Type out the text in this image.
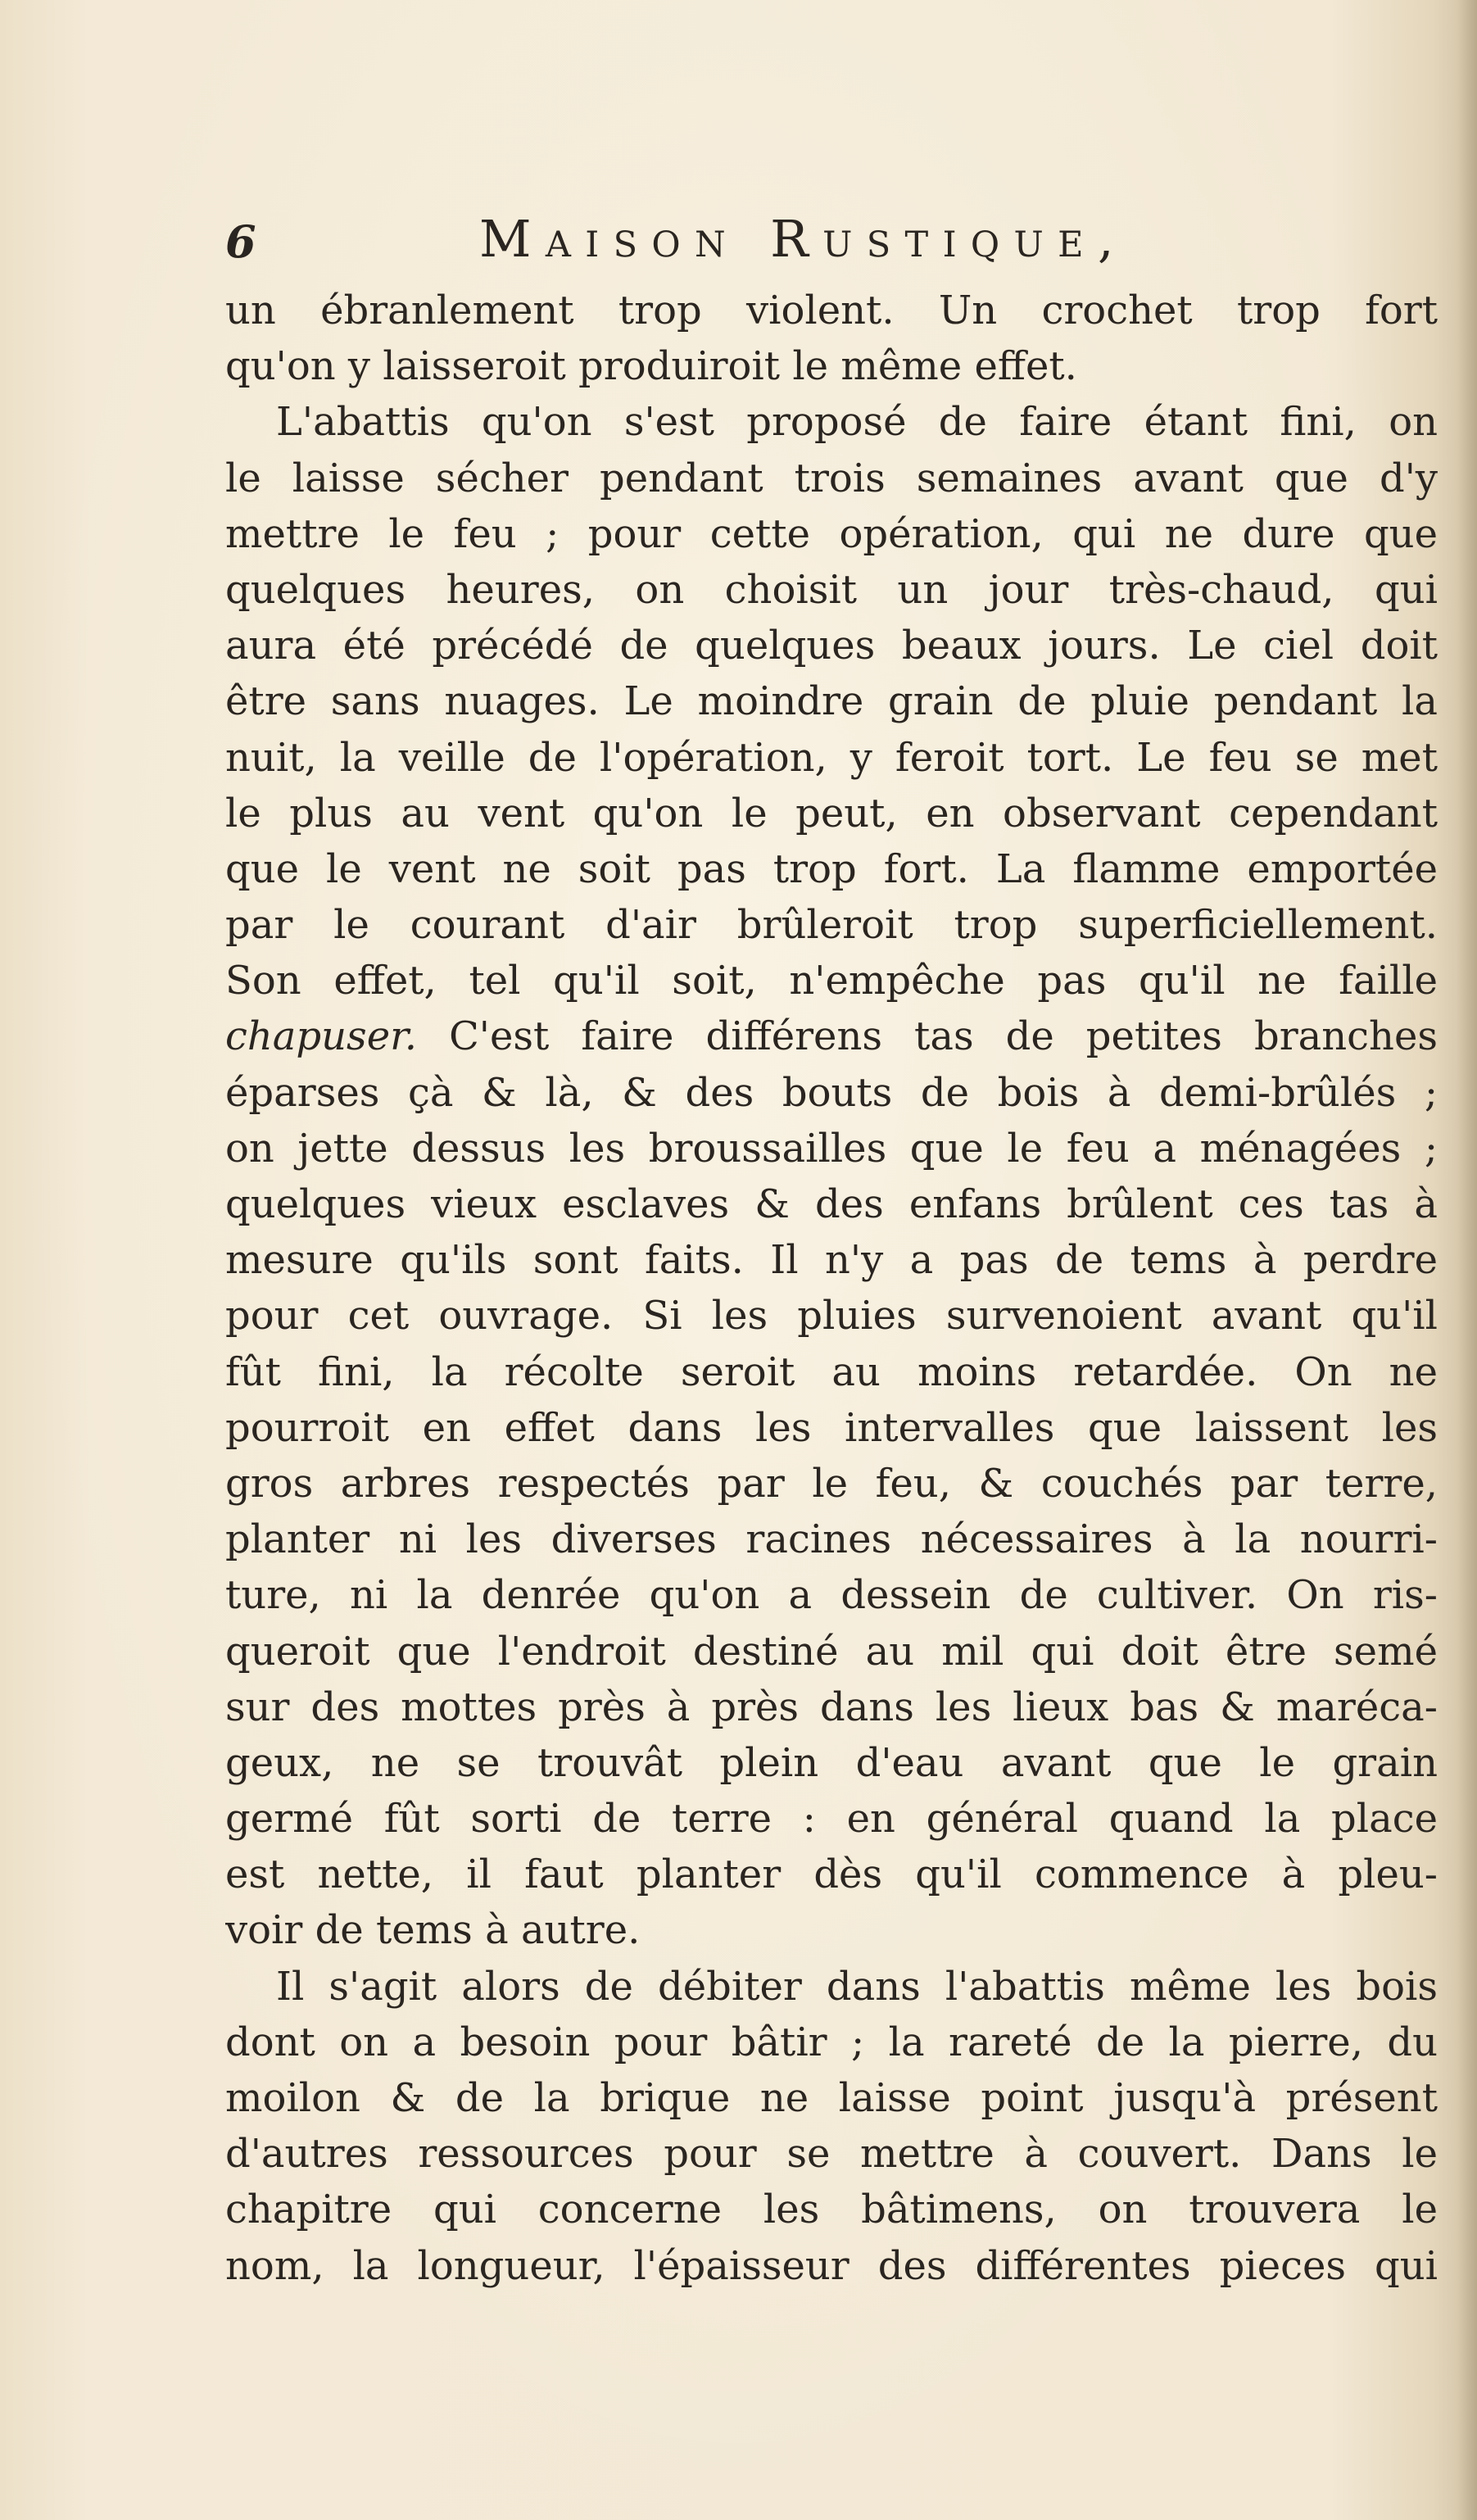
6	Maison Rustique,
un ébranlement trop violent. Un crochet trop fort
qu'on y laisseroit produiroit le même effet.
L'abattis qu'on s'est proposé de faire étant fini, on
le laisse sécher pendant trois semaines avant que d'y
mettre le feu ; pour cette opération, qui ne dure que
quelques heures, on choisit un jour très-chaud, qui
aura été précédé de quelques beaux jours. Le ciel doit
être sans nuages. Le moindre grain de pluie pendant la
nuit, la veille de l'opération, y feroit tort. Le feu se met
le plus au vent qu'on le peut, en observant cependant
que le vent ne soit pas trop fort. La flamme emportée
par le courant d'air brûleroit trop superficiellement.
Son effet, tel qu'il soit, n'empêche pas qu'il ne faille
chapuser. C'est faire différens tas de petites branches
éparses çà & là, & des bouts de bois à demi-brûlés ;
on jette dessus les broussailles que le feu a ménagées ;
quelques vieux esclaves & des enfans brûlent ces tas à
mesure qu'ils sont faits. Il n'y a pas de tems à perdre
pour cet ouvrage. Si les pluies survenoient avant qu'il
fût fini, la récolte seroit au moins retardée. On ne
pourroit en effet dans les intervalles que laissent les
gros arbres respectés par le feu, & couchés par terre,
planter ni les diverses racines nécessaires à la nourri-
ture, ni la denrée qu'on a dessein de cultiver. On ris-
queroit que l'endroit destiné au mil qui doit être semé
sur des mottes près à près dans les lieux bas & maréca-
geux, ne se trouvât plein d'eau avant que le grain
germé fût sorti de terre : en général quand la place
est nette, il faut planter dès qu'il commence à pleu-
voir de tems à autre.
Il s'agit alors de débiter dans l'abattis même les bois
dont on a besoin pour bâtir ; la rareté de la pierre, du
moilon & de la brique ne laisse point jusqu'à présent
d'autres ressources pour se mettre à couvert. Dans le
chapitre qui concerne les bâtimens, on trouvera le
nom, la longueur, l'épaisseur des différentes pieces qui
